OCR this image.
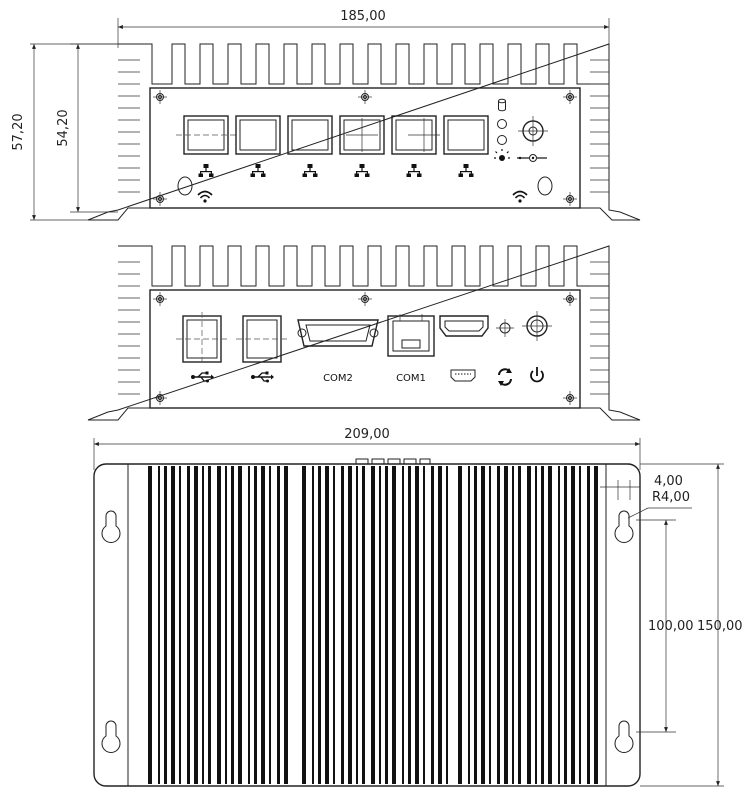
185,00
57,20 54,20
COM2	COM1
209,00
4,00
R4,00
100,00 150,00
